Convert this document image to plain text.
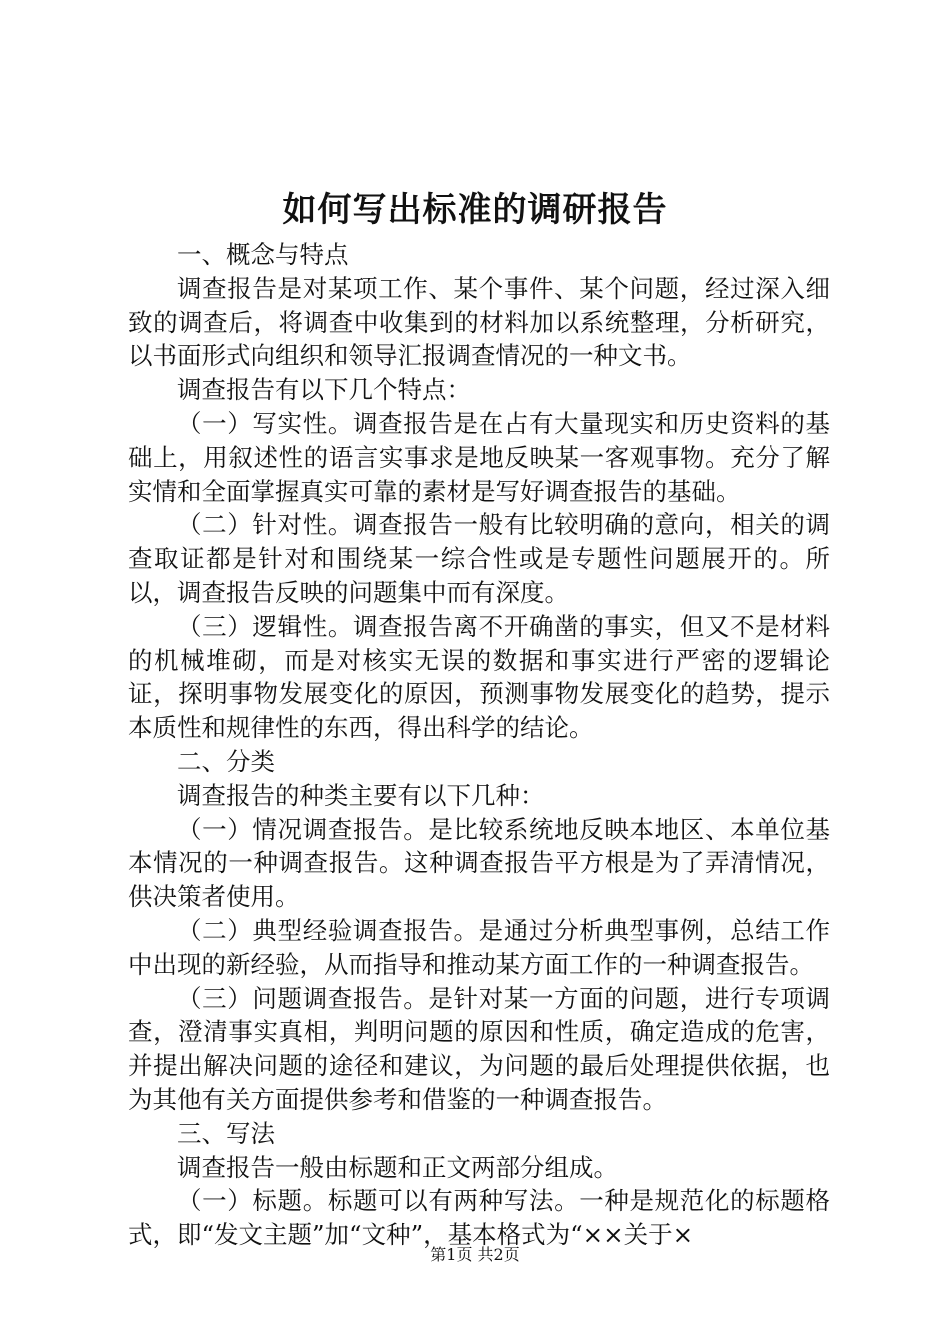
如何写出标准的调研报告

一、概念与特点

调查报告是对某项工作、某个事件、某个问题，经过深入细致的调查后，将调查中收集到的材料加以系统整理，分析研究，以书面形式向组织和领导汇报调查情况的一种文书。

调查报告有以下几个特点：

（一）写实性。调查报告是在占有大量现实和历史资料的基础上，用叙述性的语言实事求是地反映某一客观事物。充分了解实情和全面掌握真实可靠的素材是写好调查报告的基础。

（二）针对性。调查报告一般有比较明确的意向，相关的调查取证都是针对和围绕某一综合性或是专题性问题展开的。所以，调查报告反映的问题集中而有深度。

（三）逻辑性。调查报告离不开确凿的事实，但又不是材料的机械堆砌，而是对核实无误的数据和事实进行严密的逻辑论证，探明事物发展变化的原因，预测事物发展变化的趋势，提示本质性和规律性的东西，得出科学的结论。

二、分类

调查报告的种类主要有以下几种：

（一）情况调查报告。是比较系统地反映本地区、本单位基本情况的一种调查报告。这种调查报告平方根是为了弄清情况，供决策者使用。

（二）典型经验调查报告。是通过分析典型事例，总结工作中出现的新经验，从而指导和推动某方面工作的一种调查报告。

（三）问题调查报告。是针对某一方面的问题，进行专项调查，澄清事实真相，判明问题的原因和性质，确定造成的危害，并提出解决问题的途径和建议，为问题的最后处理提供依据，也为其他有关方面提供参考和借鉴的一种调查报告。

三、写法

调查报告一般由标题和正文两部分组成。

（一）标题。标题可以有两种写法。一种是规范化的标题格式，即“发文主题”加“文种”，基本格式为“××关于×

第1页 共2页
